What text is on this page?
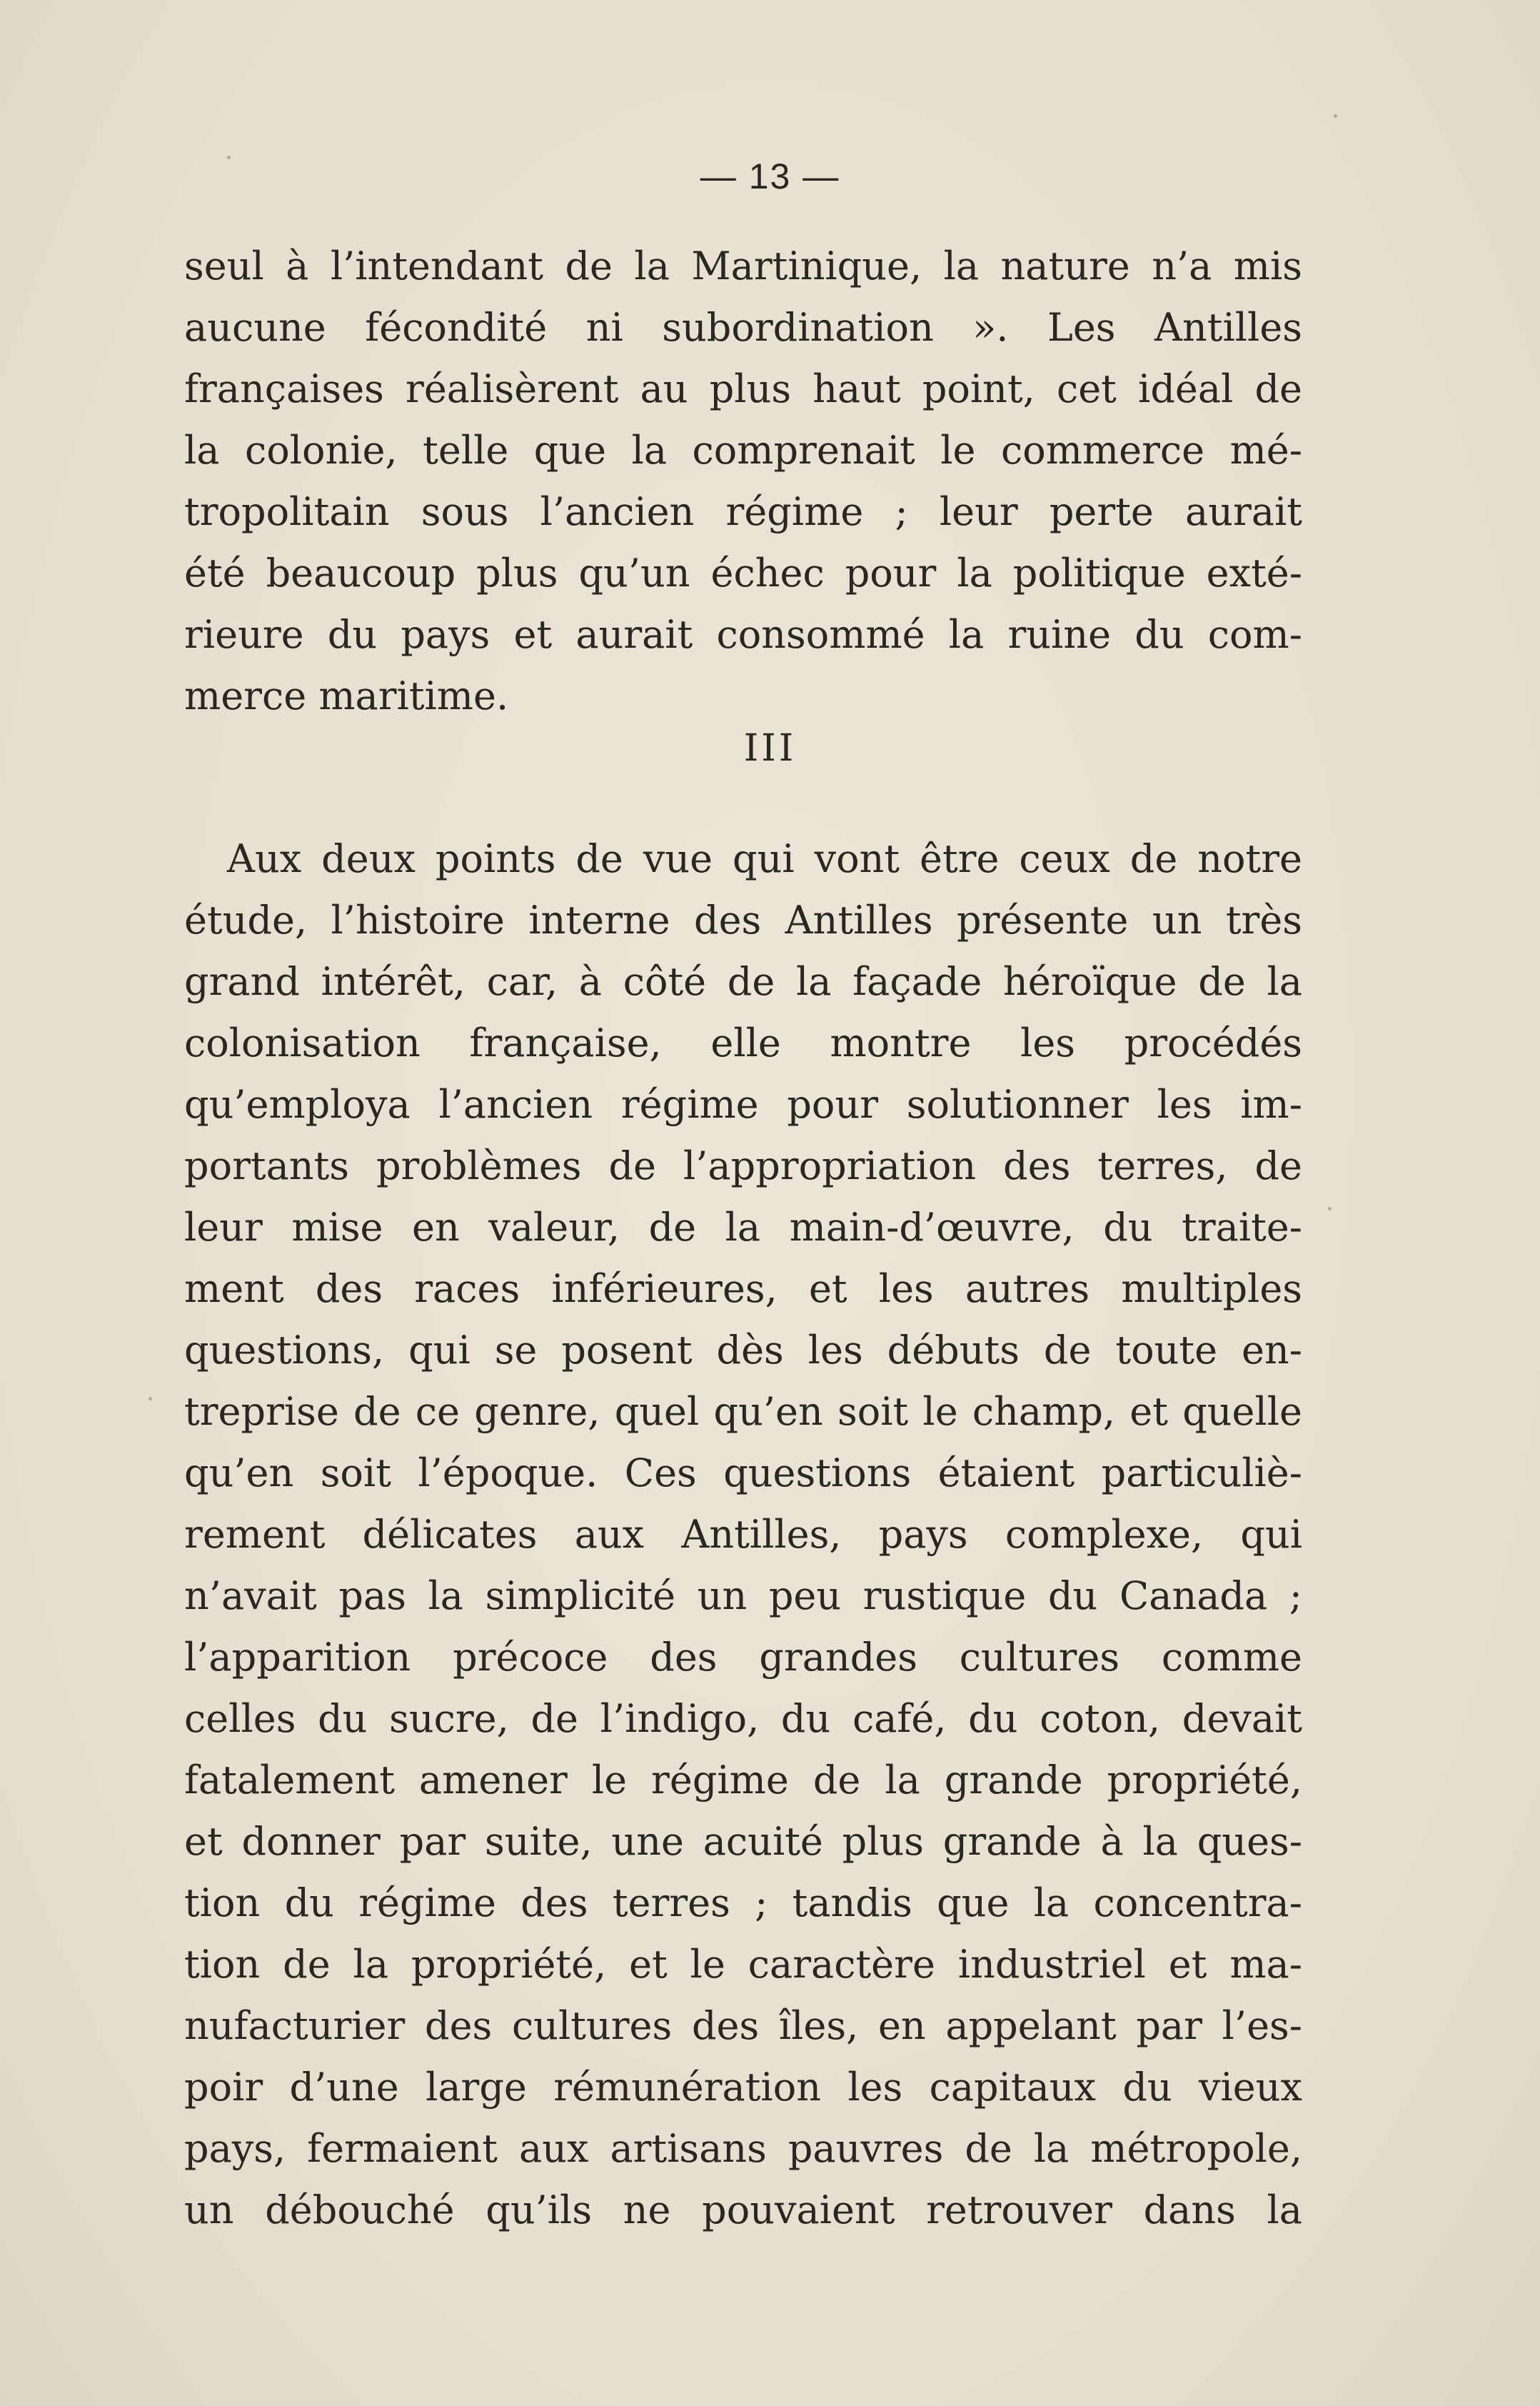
— 13 —
seul à l’intendant de la Martinique, la nature n’a mis
aucune fécondité ni subordination ». Les Antilles
françaises réalisèrent au plus haut point, cet idéal de
la colonie, telle que la comprenait le commerce mé-
tropolitain sous l’ancien régime ; leur perte aurait
été beaucoup plus qu’un échec pour la politique exté-
rieure du pays et aurait consommé la ruine du com-
merce maritime.
III
Aux deux points de vue qui vont être ceux de notre
étude, l’histoire interne des Antilles présente un très
grand intérêt, car, à côté de la façade héroïque de la
colonisation française, elle montre les procédés
qu’employa l’ancien régime pour solutionner les im-
portants problèmes de l’appropriation des terres, de
leur mise en valeur, de la main-d’œuvre, du traite-
ment des races inférieures, et les autres multiples
questions, qui se posent dès les débuts de toute en-
treprise de ce genre, quel qu’en soit le champ, et quelle
qu’en soit l’époque. Ces questions étaient particuliè-
rement délicates aux Antilles, pays complexe, qui
n’avait pas la simplicité un peu rustique du Canada ;
l’apparition précoce des grandes cultures comme
celles du sucre, de l’indigo, du café, du coton, devait
fatalement amener le régime de la grande propriété,
et donner par suite, une acuité plus grande à la ques-
tion du régime des terres ; tandis que la concentra-
tion de la propriété, et le caractère industriel et ma-
nufacturier des cultures des îles, en appelant par l’es-
poir d’une large rémunération les capitaux du vieux
pays, fermaient aux artisans pauvres de la métropole,
un débouché qu’ils ne pouvaient retrouver dans la
